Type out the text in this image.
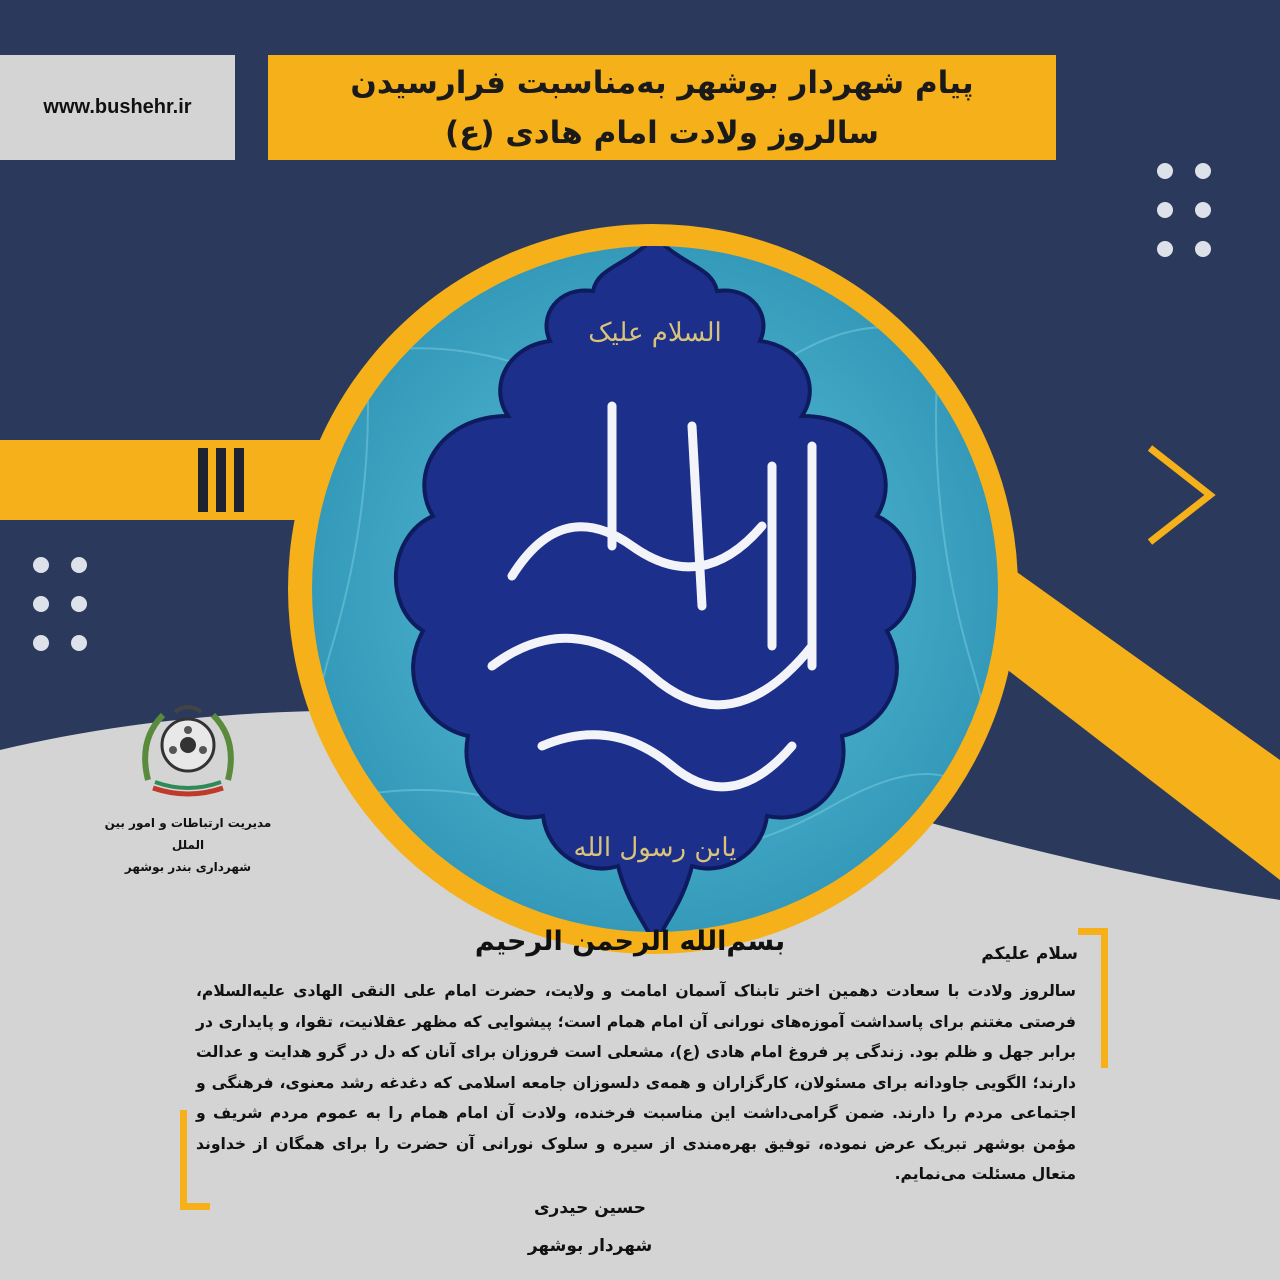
www.bushehr.ir
پیام شهردار بوشهر به‌مناسبت فرارسیدن
سالروز ولادت امام هادی (ع)
السلام علیک
یابن رسول الله
مدیریت ارتباطات و امور بین الملل
شهرداری بندر بوشهر
بسم‌الله الرحمن الرحیم	سلام علیکم
سالروز ولادت با سعادت دهمین اختر تابناک آسمان امامت و ولایت، حضرت امام علی النقی الهادی علیه‌السلام، فرصتی مغتنم برای پاسداشت آموزه‌های نورانی آن امام همام است؛ پیشوایی که مظهر عقلانیت، تقوا، و پایداری در برابر جهل و ظلم بود. زندگی پر فروغ امام هادی (ع)، مشعلی است فروزان برای آنان که دل در گرو هدایت و عدالت دارند؛ الگویی جاودانه برای مسئولان، کارگزاران و همه‌ی دلسوزان جامعه اسلامی که دغدغه رشد معنوی، فرهنگی و اجتماعی مردم را دارند. ضمن گرامی‌داشت این مناسبت فرخنده، ولادت آن امام همام را به عموم مردم شریف و مؤمن بوشهر تبریک عرض نموده، توفیق بهره‌مندی از سیره و سلوک نورانی آن حضرت را برای همگان از خداوند متعال مسئلت می‌نمایم.
حسین حیدری
شهردار بوشهر
